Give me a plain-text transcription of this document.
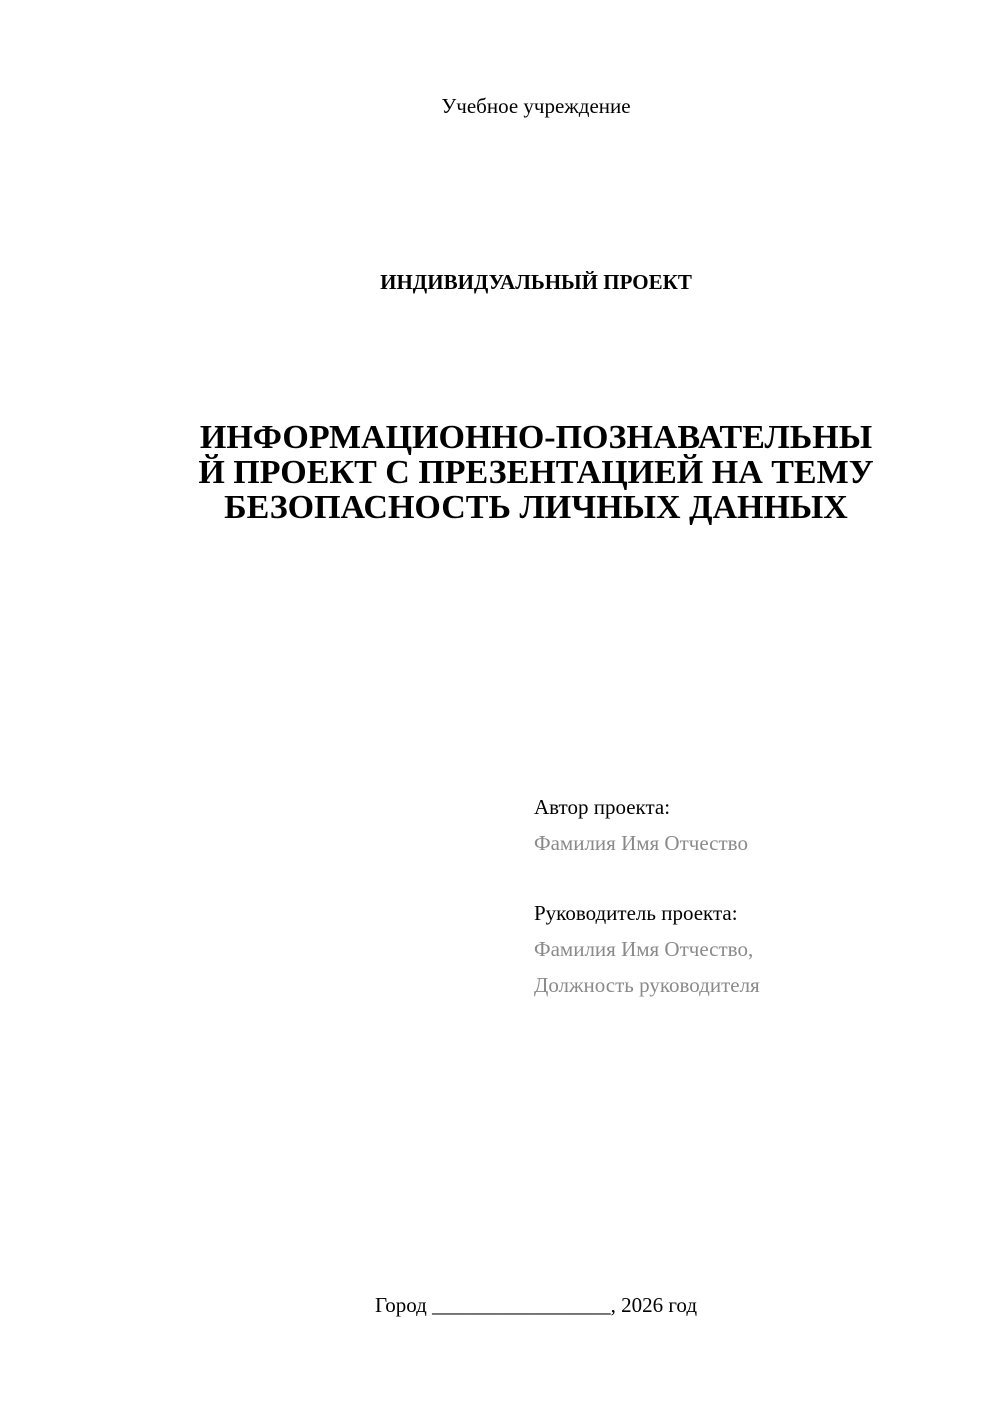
Учебное учреждение
ИНДИВИДУАЛЬНЫЙ ПРОЕКТ
ИНФОРМАЦИОННО-ПОЗНАВАТЕЛЬНЫ
Й ПРОЕКТ С ПРЕЗЕНТАЦИЕЙ НА ТЕМУ
БЕЗОПАСНОСТЬ ЛИЧНЫХ ДАННЫХ
Автор проекта:
Фамилия Имя Отчество
Руководитель проекта:
Фамилия Имя Отчество,
Должность руководителя
Город _________________, 2026 год
